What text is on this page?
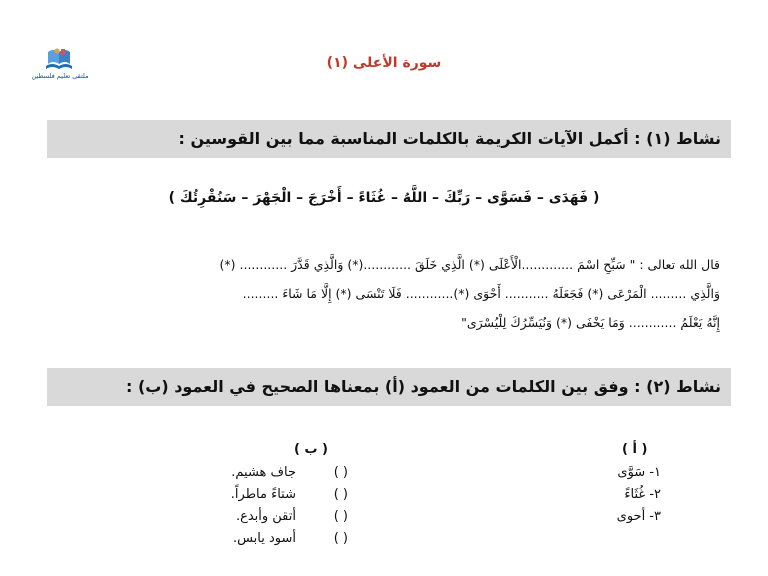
ملتقى تعليم فلسطين
سورة الأعلى (١)
نشاط (١) : أكمل الآيات الكريمة بالكلمات المناسبة مما بين القوسين :
( فَهَدَى – فَسَوَّى – رَبِّكَ – اللَّهُ – غُثَاءً – أَخْرَجَ – الْجَهْرَ – سَنُقْرِئُكَ )
قال الله تعالى : " سَبِّحِ اسْمَ .............الْأَعْلَى (*) الَّذِي خَلَقَ ............(*) وَالَّذِي قَدَّرَ ............ (*)
وَالَّذِي ......... الْمَرْعَى (*) فَجَعَلَهُ ........... أَحْوَى (*)............ فَلَا تَنْسَى (*) إِلَّا مَا شَاءَ .........
إِنَّهُ يَعْلَمُ ............ وَمَا يَخْفَى (*) وَنُيَسِّرُكَ لِلْيُسْرَى"
نشاط (٢) : وفق بين الكلمات من العمود (أ) بمعناها الصحيح في العمود (ب) :
( أ )
( ب )
١- سَوَّى
٢- غُثَاءً
٣- أحوى
( )
جاف هشيم.
( )
شتاءً ماطراً.
( )
أتقن وأبدع.
( )
أسود يابس.
